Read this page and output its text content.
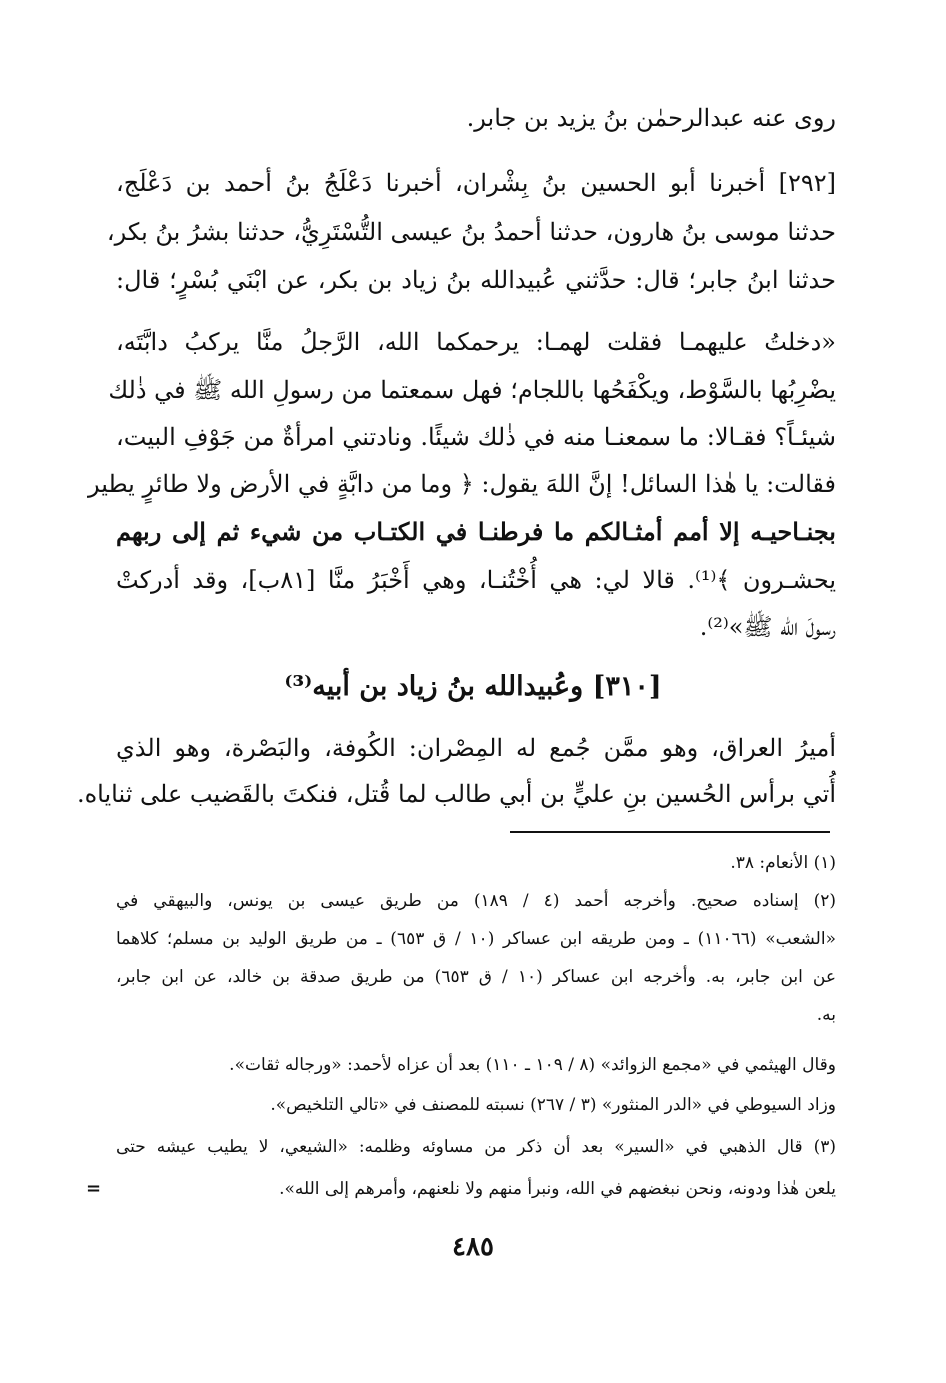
روى عنه عبدالرحمٰن بنُ يزيد بن جابر.
[٢٩٢] أخبرنا أبو الحسين بنُ بِشْران، أخبرنا دَعْلَجُ بنُ أحمد بن دَعْلَج،
حدثنا موسى بنُ هارون، حدثنا أحمدُ بنُ عيسى التُّسْتَرِيُّ، حدثنا بشرُ بنُ بكر،
حدثنا ابنُ جابر؛ قال: حدَّثني عُبيدالله بنُ زياد بن بكر، عن ابْنَي بُسْرٍ؛ قال:
«دخلتُ عليهمـا فقلت لهمـا: يرحمكما الله، الرَّجلُ منَّا يركبُ دابَّتَه،
يضْرِبُها بالسَّوْط، ويكْفَحُها باللجام؛ فهل سمعتما من رسولِ الله ﷺ في ذٰلك
شيئـاً؟ فقـالا: ما سمعنـا منه في ذٰلك شيئًا. ونادتني امرأةٌ من جَوْفِ البيت،
فقالت: يا هٰذا السائل! إنَّ اللهَ يقول: ﴿ وما من دابَّةٍ في الأرض ولا طائرٍ يطير
بجنـاحيـه إلا أمم أمثـالكم ما فرطنـا في الكتـاب من شيء ثم إلى ربهم
يحشـرون ﴾⁽¹⁾. قالا لي: هي أُخْتُنـا، وهي أَخْبَرُ منَّا [٨١ب]، وقد أدركتْ
رسولَ الله ﷺ»⁽²⁾.
[٣١٠] وعُبيدالله بنُ زياد بن أبيه⁽³⁾
أميرُ العراق، وهو ممَّن جُمع له المِصْران: الكُوفة، والبَصْرة، وهو الذي
أُتي برأس الحُسين بنِ عليٍّ بن أبي طالب لما قُتل، فنكتَ بالقَضيب على ثناياه.
(١) الأنعام: ٣٨.
(٢) إسناده صحيح. وأخرجه أحمد (٤ / ١٨٩) من طريق عيسى بن يونس، والبيهقي في
«الشعب» (١١٠٦٦) ـ ومن طريقه ابن عساكر (١٠ / ق ٦٥٣) ـ من طريق الوليد بن مسلم؛ كلاهما
عن ابن جابر، به. وأخرجه ابن عساكر (١٠ / ق ٦٥٣) من طريق صدقة بن خالد، عن ابن جابر،
به.
وقال الهيثمي في «مجمع الزوائد» (٨ / ١٠٩ ـ ١١٠) بعد أن عزاه لأحمد: «ورجاله ثقات».
وزاد السيوطي في «الدر المنثور» (٣ / ٢٦٧) نسبته للمصنف في «تالي التلخيص».
(٣) قال الذهبي في «السير» بعد أن ذكر من مساوئه وظلمه: «الشيعي، لا يطيب عيشه حتى
يلعن هٰذا ودونه، ونحن نبغضهم في الله، ونبرأ منهم ولا نلعنهم، وأمرهم إلى الله».
=
٤٨٥
